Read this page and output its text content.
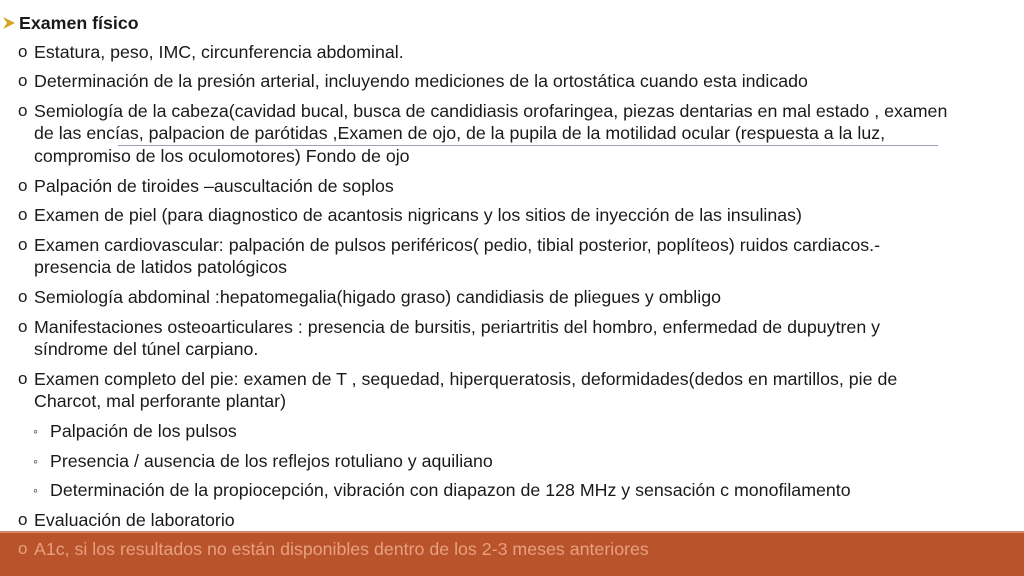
Examen físico
o Estatura, peso, IMC, circunferencia abdominal.
o Determinación de la presión arterial, incluyendo mediciones de la ortostática cuando esta indicado
o Semiología de la cabeza(cavidad bucal, busca de candidiasis orofaringea, piezas dentarias en mal estado , examen
de las encías, palpacion de parótidas ,Examen de ojo, de la pupila de la motilidad ocular (respuesta a la luz,
compromiso de los oculomotores) Fondo de ojo
o Palpación de tiroides –auscultación de soplos
o Examen de piel (para diagnostico de acantosis nigricans y los sitios de inyección de las insulinas)
o Examen cardiovascular: palpación de pulsos periféricos( pedio, tibial posterior, poplíteos) ruidos cardiacos.-
presencia de latidos patológicos
o Semiología abdominal :hepatomegalia(higado graso) candidiasis de pliegues y ombligo
o Manifestaciones osteoarticulares : presencia de bursitis, periartritis del hombro, enfermedad de dupuytren y
síndrome del túnel carpiano.
o Examen completo del pie: examen de T , sequedad, hiperqueratosis, deformidades(dedos en martillos, pie de
Charcot, mal perforante plantar)
◦ Palpación de los pulsos
◦ Presencia / ausencia de los reflejos rotuliano y aquiliano
◦ Determinación de la propiocepción, vibración con diapazon de 128 MHz y sensación c monofilamento
o Evaluación de laboratorio
o A1c, si los resultados no están disponibles dentro de los 2-3 meses anteriores
